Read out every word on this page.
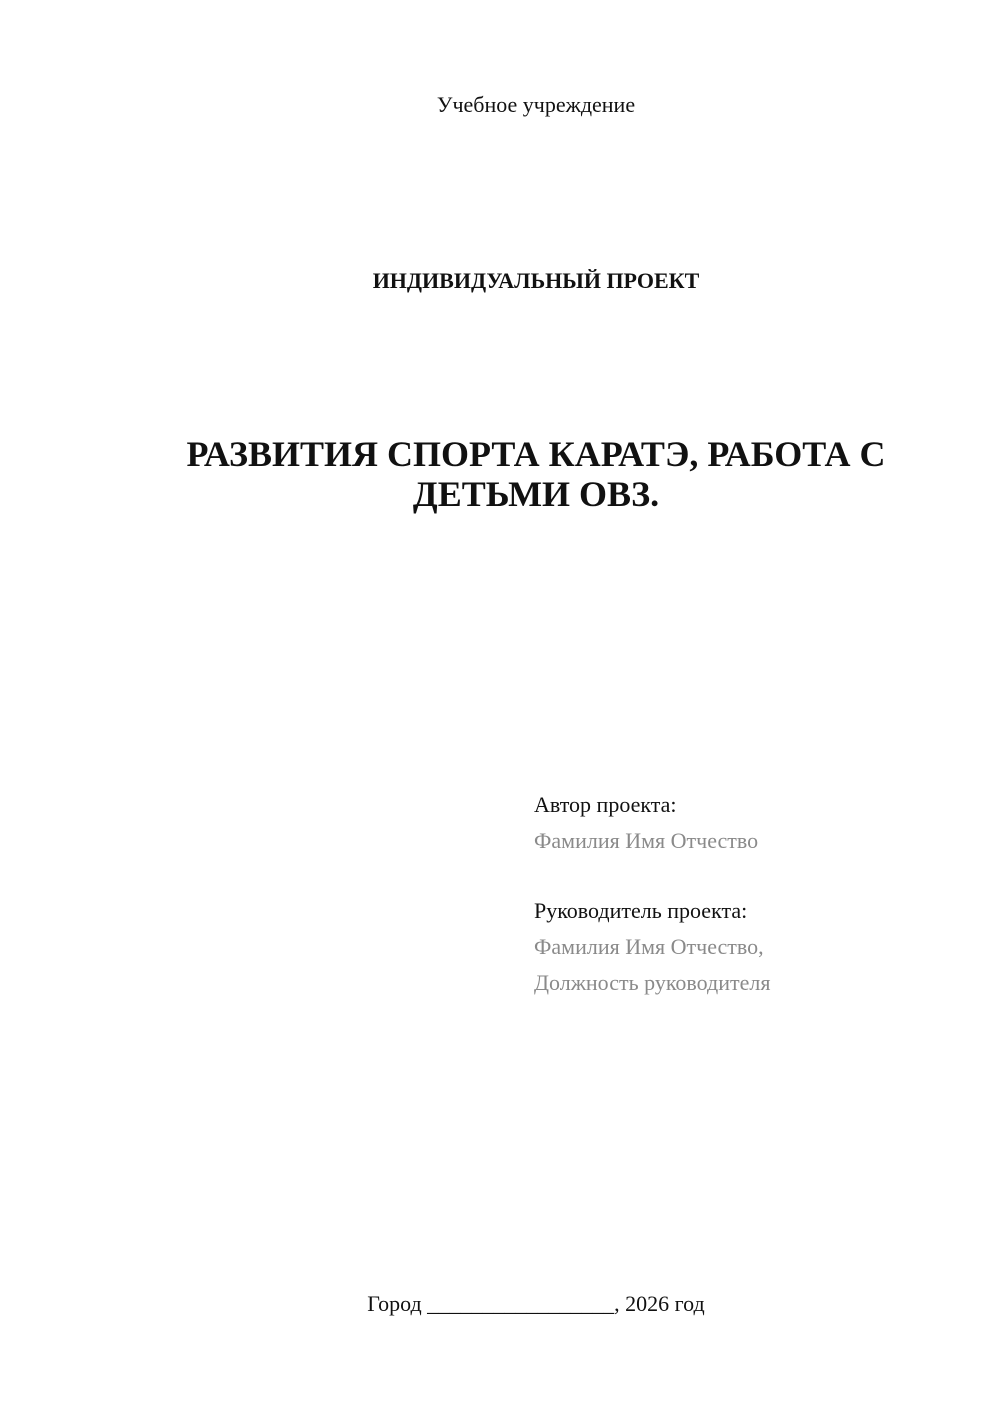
Учебное учреждение
ИНДИВИДУАЛЬНЫЙ ПРОЕКТ
РАЗВИТИЯ СПОРТА КАРАТЭ, РАБОТА С
ДЕТЬМИ ОВЗ.
Автор проекта:
Фамилия Имя Отчество
Руководитель проекта:
Фамилия Имя Отчество,
Должность руководителя
Город _________________, 2026 год
